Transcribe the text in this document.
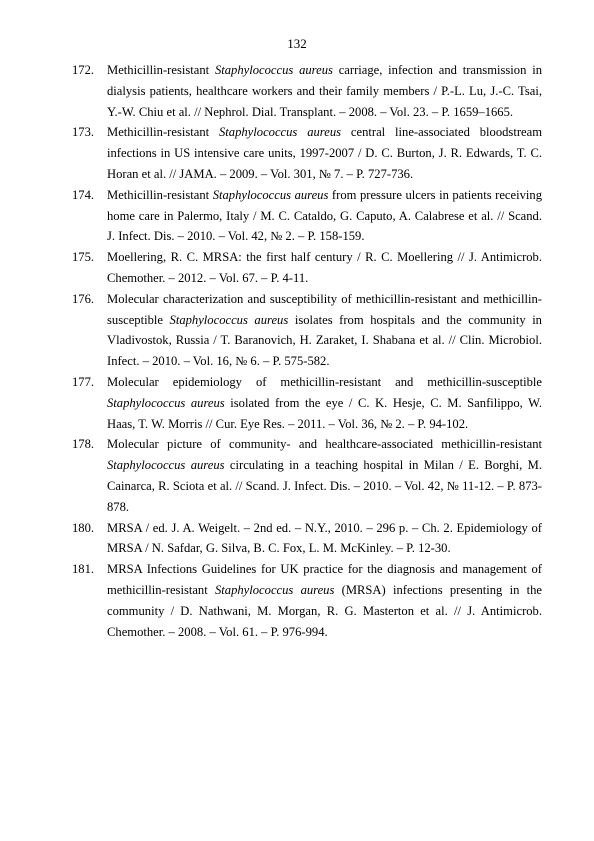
132
172.	Methicillin-resistant Staphylococcus aureus carriage, infection and transmission in dialysis patients, healthcare workers and their family members / P.-L. Lu, J.-C. Tsai, Y.-W. Chiu et al. // Nephrol. Dial. Transplant. – 2008. – Vol. 23. – P. 1659–1665.
173.	Methicillin-resistant Staphylococcus aureus central line-associated bloodstream infections in US intensive care units, 1997-2007 / D. C. Burton, J. R. Edwards, T. C. Horan et al. // JAMA. – 2009. – Vol. 301, № 7. – P. 727-736.
174.	Methicillin-resistant Staphylococcus aureus from pressure ulcers in patients receiving home care in Palermo, Italy / M. C. Cataldo, G. Caputo, A. Calabrese et al. // Scand. J. Infect. Dis. – 2010. – Vol. 42, № 2. – P. 158-159.
175.	Moellering, R. C. MRSA: the first half century / R. C. Moellering // J. Antimicrob. Chemother. – 2012. – Vol. 67. – P. 4-11.
176.	Molecular characterization and susceptibility of methicillin-resistant and methicillin-susceptible Staphylococcus aureus isolates from hospitals and the community in Vladivostok, Russia / T. Baranovich, H. Zaraket, I. Shabana et al. // Clin. Microbiol. Infect. – 2010. – Vol. 16, № 6. – P. 575-582.
177.	Molecular epidemiology of methicillin-resistant and methicillin-susceptible Staphylococcus aureus isolated from the eye / C. K. Hesje, C. M. Sanfilippo, W. Haas, T. W. Morris // Cur. Eye Res. – 2011. – Vol. 36, № 2. – P. 94-102.
178.	Molecular picture of community- and healthcare-associated methicillin-resistant Staphylococcus aureus circulating in a teaching hospital in Milan / E. Borghi, M. Cainarca, R. Sciota et al. // Scand. J. Infect. Dis. – 2010. – Vol. 42, № 11-12. – P. 873-878.
180.	MRSA / ed. J. A. Weigelt. – 2nd ed. – N.Y., 2010. – 296 p. – Ch. 2. Epidemiology of MRSA / N. Safdar, G. Silva, B. C. Fox, L. M. McKinley. – P. 12-30.
181.	MRSA Infections Guidelines for UK practice for the diagnosis and management of methicillin-resistant Staphylococcus aureus (MRSA) infections presenting in the community / D. Nathwani, M. Morgan, R. G. Masterton et al. // J. Antimicrob. Chemother. – 2008. – Vol. 61. – P. 976-994.
